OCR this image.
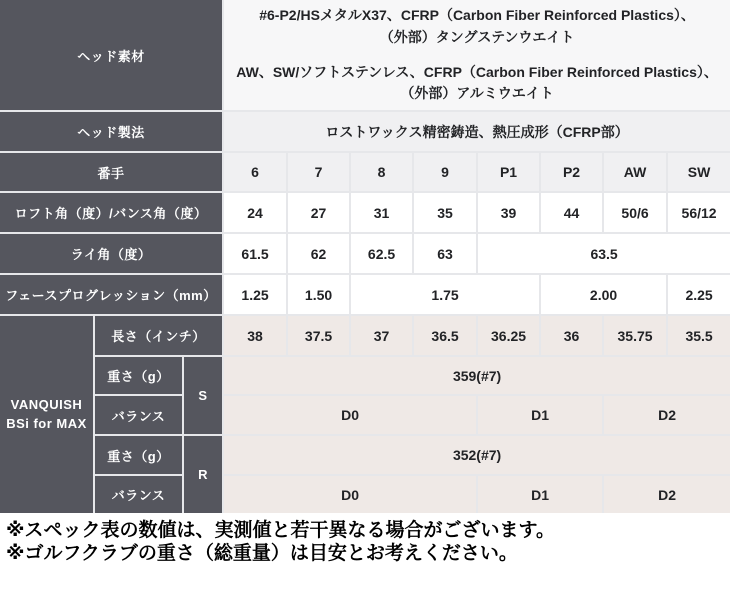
ヘッド素材			#6-P2/HSメタルX37、CFRP（Carbon Fiber Reinforced Plastics）、
（外部）タングステンウエイト
AW、SW/ソフトステンレス、CFRP（Carbon Fiber Reinforced Plastics）、
（外部）アルミウエイト							

ヘッド製法			ロストワックス精密鋳造、熱圧成形（CFRP部）							
番手			6	7	8	9	P1	P2	AW	SW
ロフト角（度）/バンス角（度）			24	27	31	35	39	44	50/6	56/12
ライ角（度）			61.5	62	62.5	63	63.5			
フェースプログレッション（mm）			1.25	1.50	1.75			2.00		2.25

VANQUISH
BSi for MAX	長さ（インチ）		38	37.5	37	36.5	36.25	36	35.75	35.5
	重さ（g）	S	359(#7)							
	バランス		D0				D1		D2	
	重さ（g）	R	352(#7)							
	バランス		D0				D1		D2	
※スペック表の数値は、実測値と若干異なる場合がございます。
※ゴルフクラブの重さ（総重量）は目安とお考えください。
